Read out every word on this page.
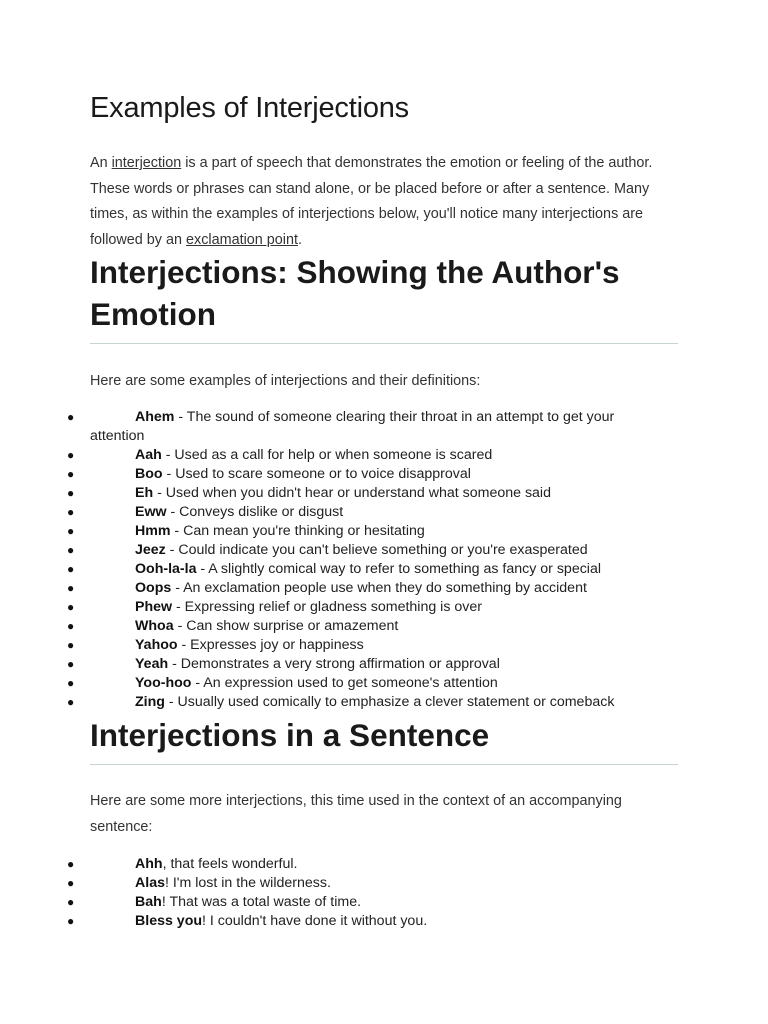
Examples of Interjections

An interjection is a part of speech that demonstrates the emotion or feeling of the author. These words or phrases can stand alone, or be placed before or after a sentence. Many times, as within the examples of interjections below, you'll notice many interjections are followed by an exclamation point.

Interjections: Showing the Author's Emotion

Here are some examples of interjections and their definitions:

●	Ahem - The sound of someone clearing their throat in an attempt to get your attention
●	Aah - Used as a call for help or when someone is scared
●	Boo - Used to scare someone or to voice disapproval
●	Eh - Used when you didn't hear or understand what someone said
●	Eww - Conveys dislike or disgust
●	Hmm - Can mean you're thinking or hesitating
●	Jeez - Could indicate you can't believe something or you're exasperated
●	Ooh-la-la - A slightly comical way to refer to something as fancy or special
●	Oops - An exclamation people use when they do something by accident
●	Phew - Expressing relief or gladness something is over
●	Whoa - Can show surprise or amazement
●	Yahoo - Expresses joy or happiness
●	Yeah - Demonstrates a very strong affirmation or approval
●	Yoo-hoo - An expression used to get someone's attention
●	Zing - Usually used comically to emphasize a clever statement or comeback
Interjections in a Sentence

Here are some more interjections, this time used in the context of an accompanying sentence:

●	Ahh, that feels wonderful.
●	Alas! I'm lost in the wilderness.
●	Bah! That was a total waste of time.
●	Bless you! I couldn't have done it without you.
